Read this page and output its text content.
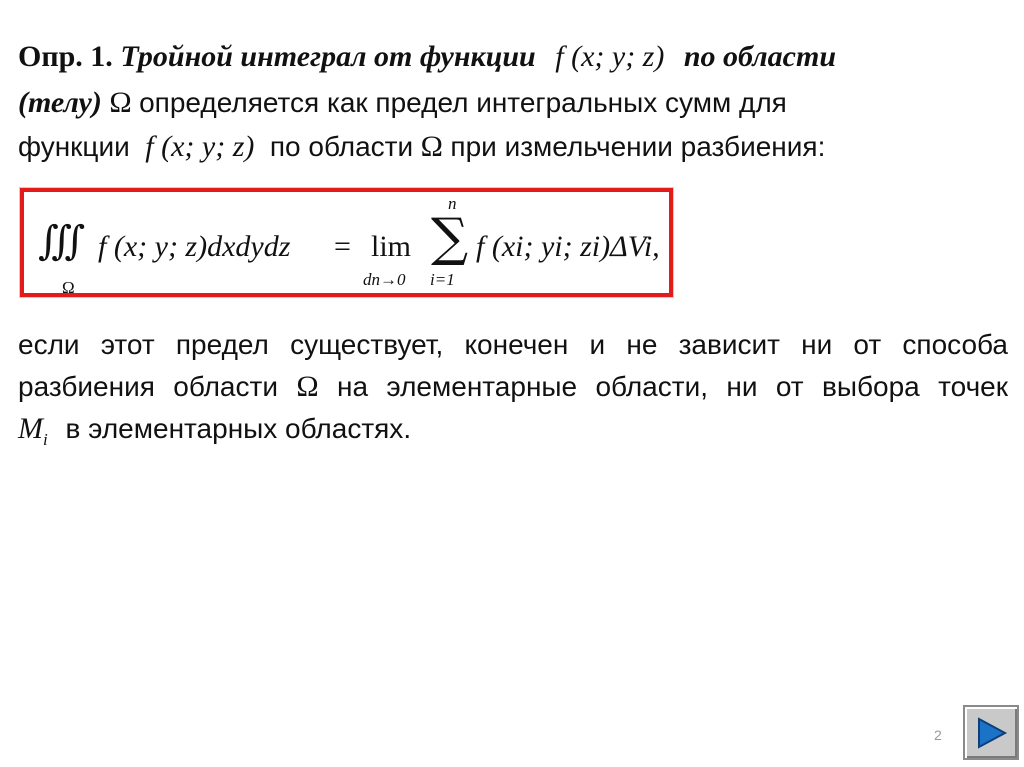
Опр. 1. Тройной интеграл от функции f (x; y; z) по области
(телу) Ω определяется как предел интегральных сумм для
функции f (x; y; z) по области Ω при измельчении разбиения:
∭
Ω
f (x; y; z)dxdydz = lim
dn→0
n
∑
i=1
f (xi; yi; zi)ΔVi,
если этот предел существует, конечен и не зависит ни от способа
разбиения области Ω на элементарные области, ни от выбора точек
$M_i$ в элементарных областях.
2
